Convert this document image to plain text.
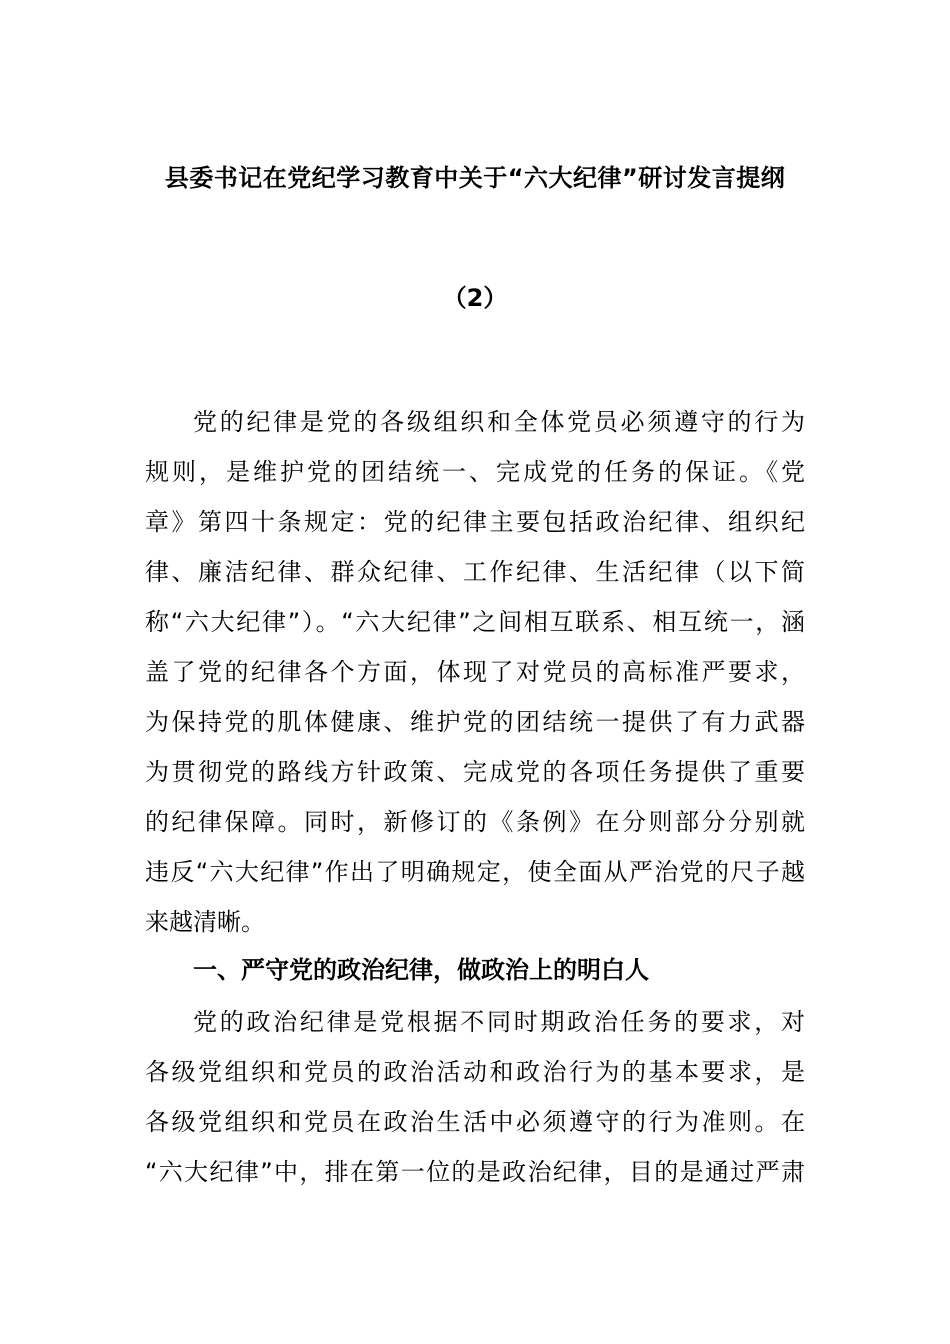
县委书记在党纪学习教育中关于“六大纪律”研讨发言提纲
（2）
党的纪律是党的各级组织和全体党员必须遵守的行为
规则，是维护党的团结统一、完成党的任务的保证。《党
章》第四十条规定：党的纪律主要包括政治纪律、组织纪
律、廉洁纪律、群众纪律、工作纪律、生活纪律（以下简
称“六大纪律”）。“六大纪律”之间相互联系、相互统一，涵
盖了党的纪律各个方面，体现了对党员的高标准严要求，
为保持党的肌体健康、维护党的团结统一提供了有力武器
为贯彻党的路线方针政策、完成党的各项任务提供了重要
的纪律保障。同时，新修订的《条例》在分则部分分别就
违反“六大纪律”作出了明确规定，使全面从严治党的尺子越
来越清晰。
一、严守党的政治纪律，做政治上的明白人
党的政治纪律是党根据不同时期政治任务的要求，对
各级党组织和党员的政治活动和政治行为的基本要求，是
各级党组织和党员在政治生活中必须遵守的行为准则。在
“六大纪律”中，排在第一位的是政治纪律，目的是通过严肃
